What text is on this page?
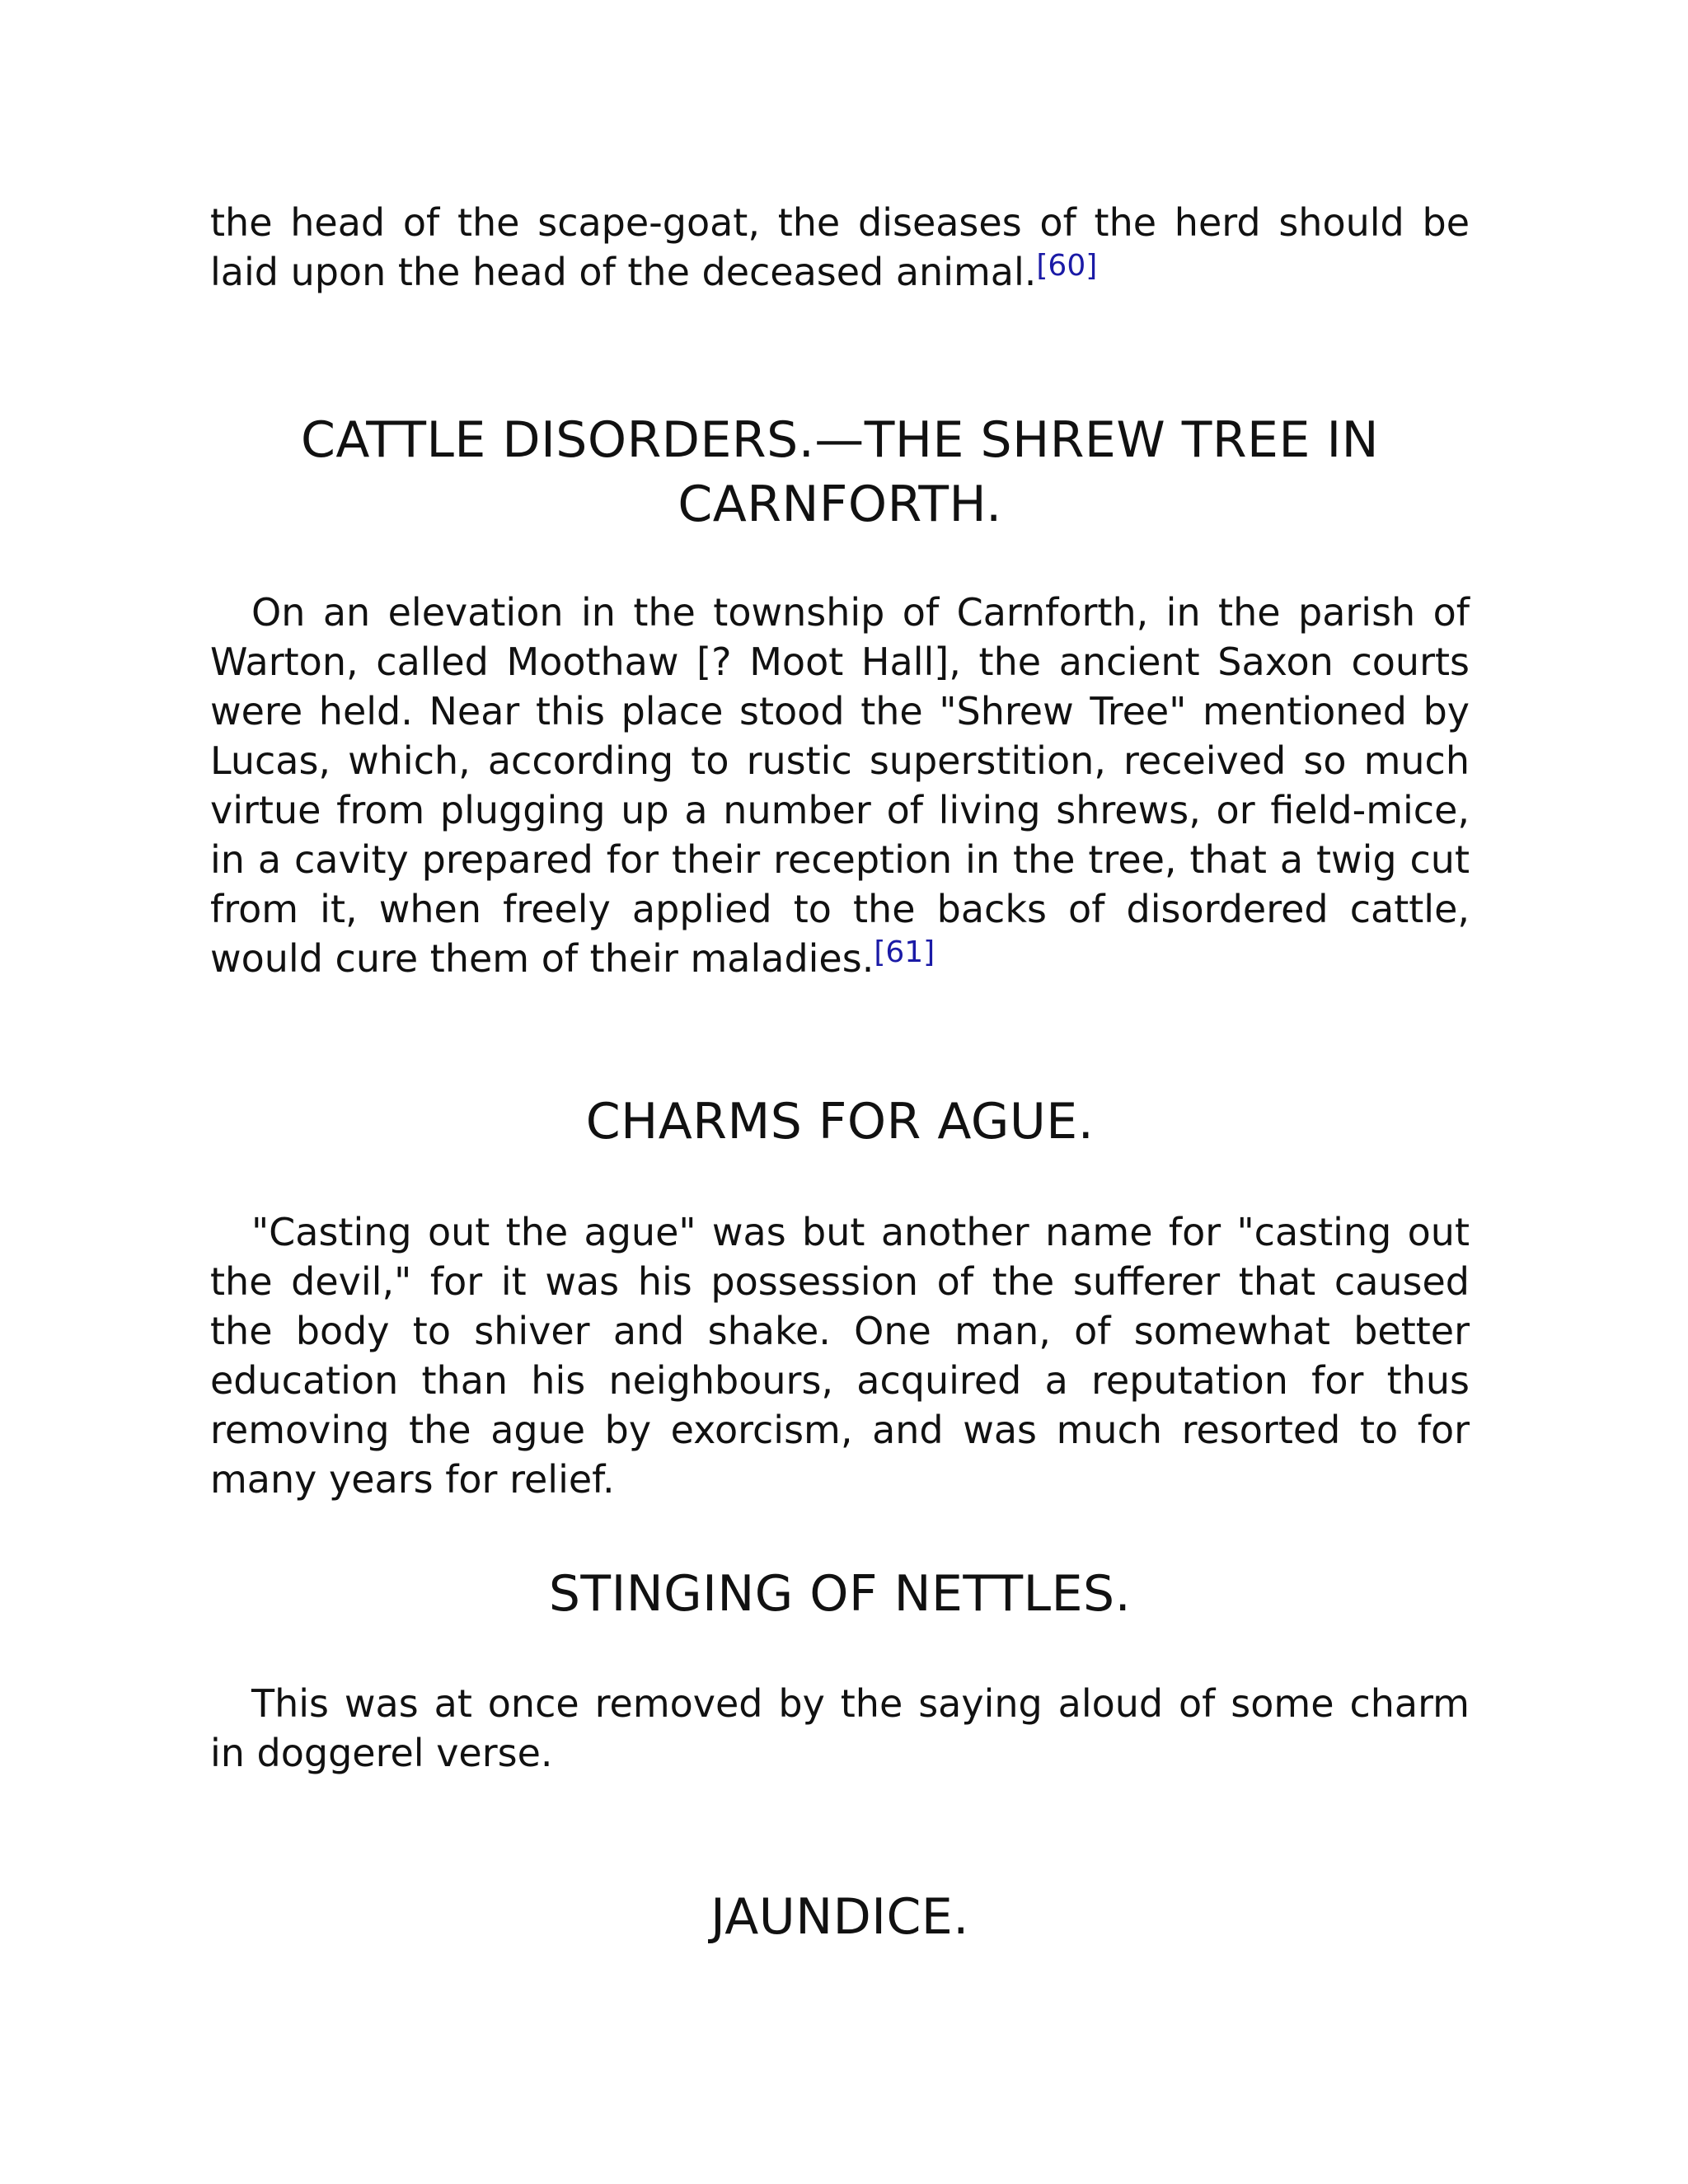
the head of the scape-goat, the diseases of the herd should be laid upon the head of the deceased animal.[60]

CATTLE DISORDERS.—THE SHREW TREE IN CARNFORTH.

On an elevation in the township of Carnforth, in the parish of Warton, called Moothaw [? Moot Hall], the ancient Saxon courts were held. Near this place stood the "Shrew Tree" mentioned by Lucas, which, according to rustic superstition, received so much virtue from plugging up a number of living shrews, or field-mice, in a cavity prepared for their reception in the tree, that a twig cut from it, when freely applied to the backs of disordered cattle, would cure them of their maladies.[61]

CHARMS FOR AGUE.

"Casting out the ague" was but another name for "casting out the devil," for it was his possession of the sufferer that caused the body to shiver and shake. One man, of somewhat better education than his neighbours, acquired a reputation for thus removing the ague by exorcism, and was much resorted to for many years for relief.

STINGING OF NETTLES.

This was at once removed by the saying aloud of some charm in doggerel verse.

JAUNDICE.
